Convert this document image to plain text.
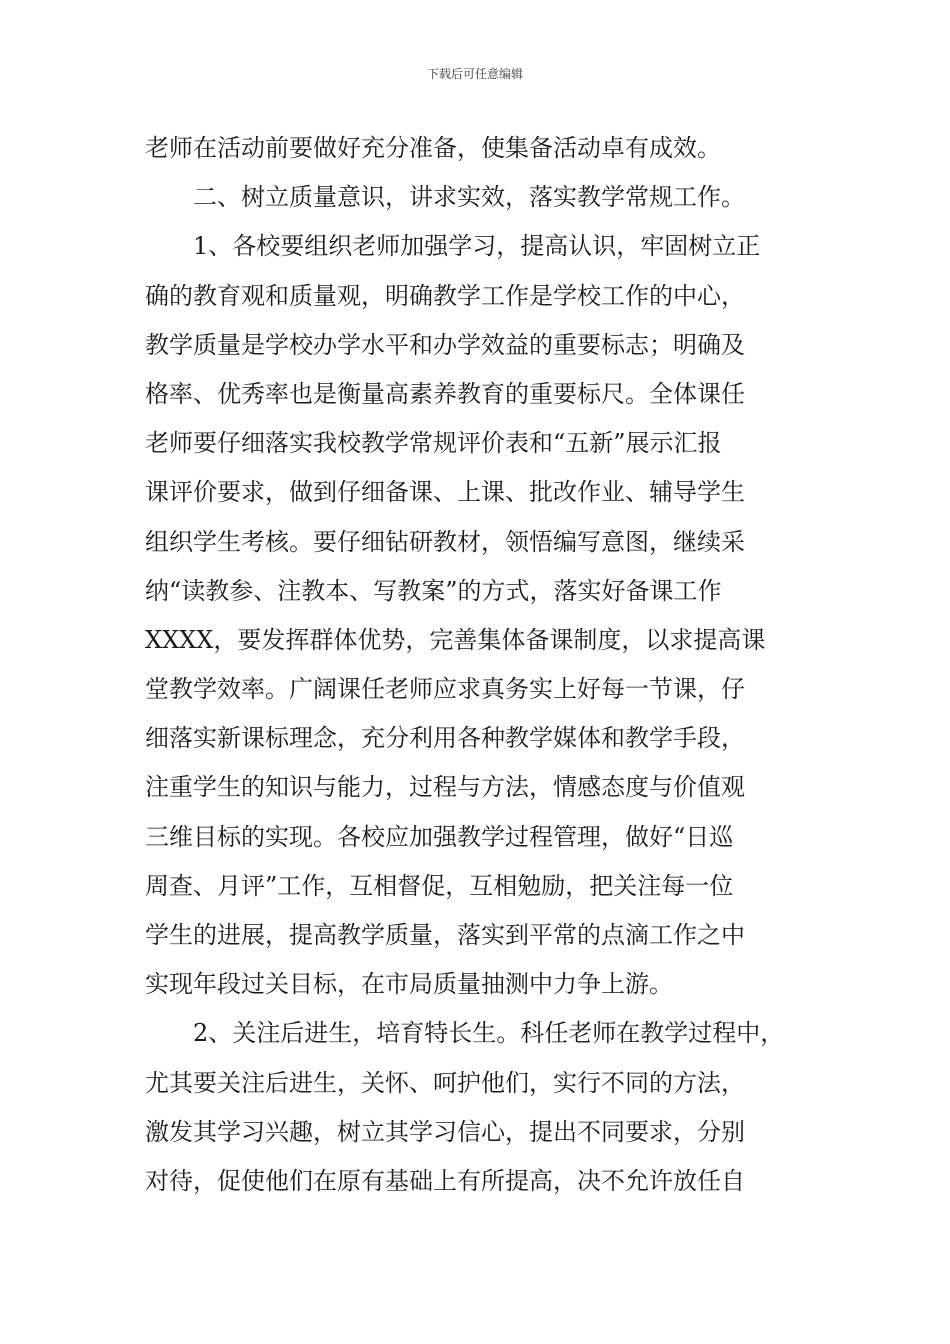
下载后可任意编辑
老师在活动前要做好充分准备，使集备活动卓有成效。
二、树立质量意识，讲求实效，落实教学常规工作。
1、各校要组织老师加强学习，提高认识，牢固树立正
确的教育观和质量观，明确教学工作是学校工作的中心，
教学质量是学校办学水平和办学效益的重要标志；明确及
格率、优秀率也是衡量高素养教育的重要标尺。全体课任
老师要仔细落实我校教学常规评价表和“五新”展示汇报
课评价要求，做到仔细备课、上课、批改作业、辅导学生
组织学生考核。要仔细钻研教材，领悟编写意图，继续采
纳“读教参、注教本、写教案”的方式，落实好备课工作
XXXX，要发挥群体优势，完善集体备课制度，以求提高课
堂教学效率。广阔课任老师应求真务实上好每一节课，仔
细落实新课标理念，充分利用各种教学媒体和教学手段，
注重学生的知识与能力，过程与方法，情感态度与价值观
三维目标的实现。各校应加强教学过程管理，做好“日巡
周查、月评”工作，互相督促，互相勉励，把关注每一位
学生的进展，提高教学质量，落实到平常的点滴工作之中
实现年段过关目标，在市局质量抽测中力争上游。
2、关注后进生，培育特长生。科任老师在教学过程中，
尤其要关注后进生，关怀、呵护他们，实行不同的方法，
激发其学习兴趣，树立其学习信心，提出不同要求，分别
对待，促使他们在原有基础上有所提高，决不允许放任自
